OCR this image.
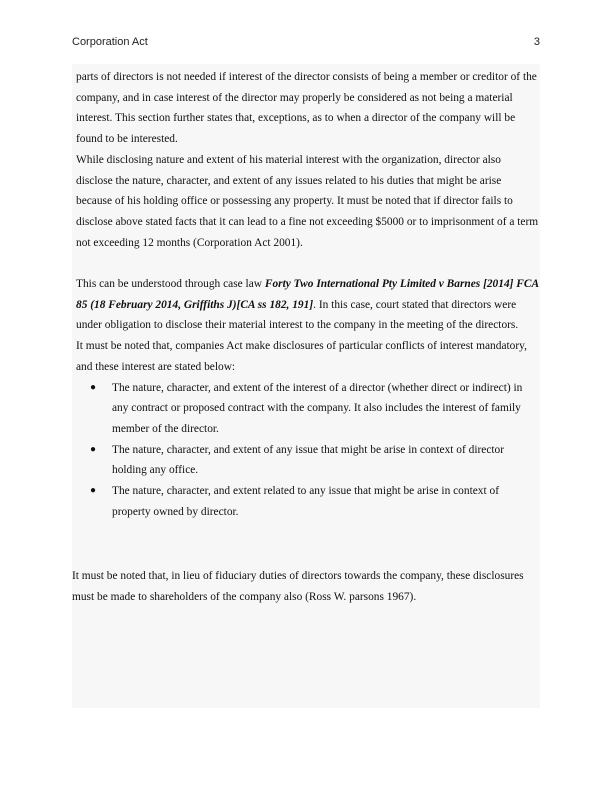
Corporation Act	3

parts of directors is not needed if interest of the director consists of being a member or creditor of the company, and in case interest of the director may properly be considered as not being a material interest. This section further states that, exceptions, as to when a director of the company will be found to be interested.

While disclosing nature and extent of his material interest with the organization, director also disclose the nature, character, and extent of any issues related to his duties that might be arise because of his holding office or possessing any property. It must be noted that if director fails to disclose above stated facts that it can lead to a fine not exceeding $5000 or to imprisonment of a term not exceeding 12 months (Corporation Act 2001).

This can be understood through case law Forty Two International Pty Limited v Barnes [2014] FCA 85 (18 February 2014, Griffiths J)[CA ss 182, 191]. In this case, court stated that directors were under obligation to disclose their material interest to the company in the meeting of the directors.

It must be noted that, companies Act make disclosures of particular conflicts of interest mandatory, and these interest are stated below:

● The nature, character, and extent of the interest of a director (whether direct or indirect) in any contract or proposed contract with the company. It also includes the interest of family member of the director.
● The nature, character, and extent of any issue that might be arise in context of director holding any office.
● The nature, character, and extent related to any issue that might be arise in context of property owned by director.

It must be noted that, in lieu of fiduciary duties of directors towards the company, these disclosures must be made to shareholders of the company also (Ross W. parsons 1967).
